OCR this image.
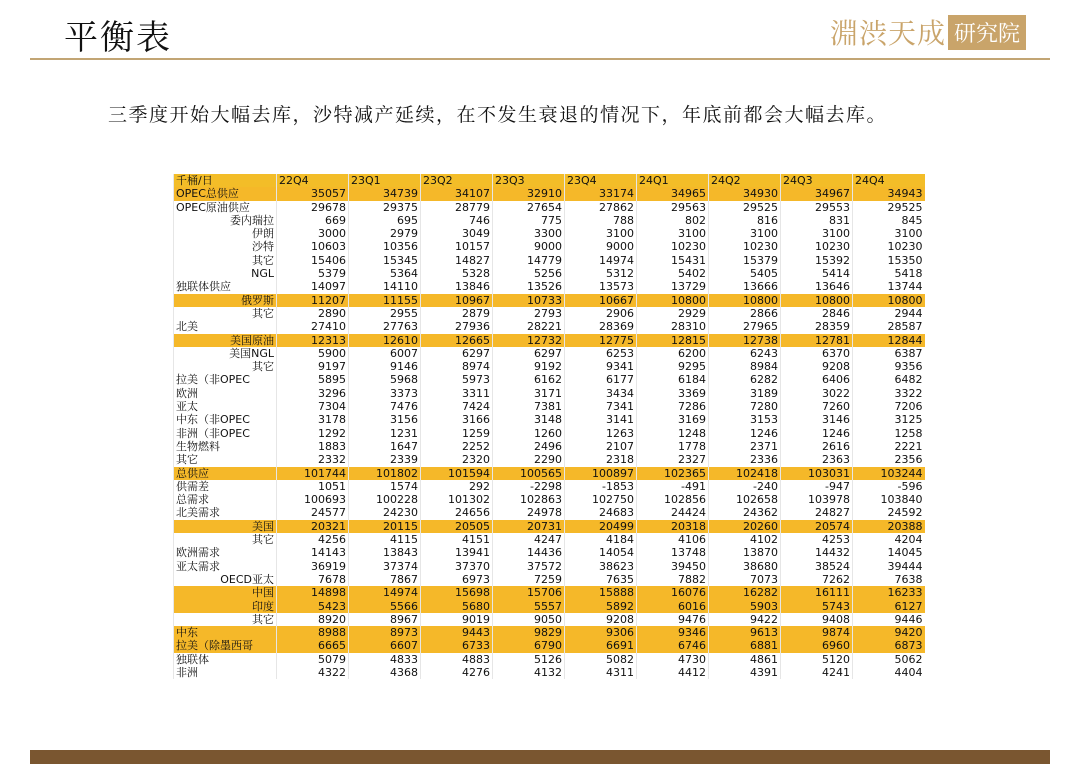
平衡表	淵渋天成 研究院
三季度开始大幅去库，沙特减产延续，在不发生衰退的情况下，年底前都会大幅去库。
千桶/日	22Q4	23Q1	23Q2	23Q3	23Q4	24Q1	24Q2	24Q3	24Q4
OPEC总供应	35057	34739	34107	32910	33174	34965	34930	34967	34943
OPEC原油供应	29678	29375	28779	27654	27862	29563	29525	29553	29525
委内瑞拉	669	695	746	775	788	802	816	831	845
伊朗	3000	2979	3049	3300	3100	3100	3100	3100	3100
沙特	10603	10356	10157	9000	9000	10230	10230	10230	10230
其它	15406	15345	14827	14779	14974	15431	15379	15392	15350
NGL	5379	5364	5328	5256	5312	5402	5405	5414	5418
独联体供应	14097	14110	13846	13526	13573	13729	13666	13646	13744
俄罗斯	11207	11155	10967	10733	10667	10800	10800	10800	10800
其它	2890	2955	2879	2793	2906	2929	2866	2846	2944
北美	27410	27763	27936	28221	28369	28310	27965	28359	28587
美国原油	12313	12610	12665	12732	12775	12815	12738	12781	12844
美国NGL	5900	6007	6297	6297	6253	6200	6243	6370	6387
其它	9197	9146	8974	9192	9341	9295	8984	9208	9356
拉美（非OPEC	5895	5968	5973	6162	6177	6184	6282	6406	6482
欧洲	3296	3373	3311	3171	3434	3369	3189	3022	3322
亚太	7304	7476	7424	7381	7341	7286	7280	7260	7206
中东（非OPEC	3178	3156	3166	3148	3141	3169	3153	3146	3125
非洲（非OPEC	1292	1231	1259	1260	1263	1248	1246	1246	1258
生物燃料	1883	1647	2252	2496	2107	1778	2371	2616	2221
其它	2332	2339	2320	2290	2318	2327	2336	2363	2356
总供应	101744	101802	101594	100565	100897	102365	102418	103031	103244
供需差	1051	1574	292	-2298	-1853	-491	-240	-947	-596
总需求	100693	100228	101302	102863	102750	102856	102658	103978	103840
北美需求	24577	24230	24656	24978	24683	24424	24362	24827	24592
美国	20321	20115	20505	20731	20499	20318	20260	20574	20388
其它	4256	4115	4151	4247	4184	4106	4102	4253	4204
欧洲需求	14143	13843	13941	14436	14054	13748	13870	14432	14045
亚太需求	36919	37374	37370	37572	38623	39450	38680	38524	39444
OECD亚太	7678	7867	6973	7259	7635	7882	7073	7262	7638
中国	14898	14974	15698	15706	15888	16076	16282	16111	16233
印度	5423	5566	5680	5557	5892	6016	5903	5743	6127
其它	8920	8967	9019	9050	9208	9476	9422	9408	9446
中东	8988	8973	9443	9829	9306	9346	9613	9874	9420
拉美（除墨西哥	6665	6607	6733	6790	6691	6746	6881	6960	6873
独联体	5079	4833	4883	5126	5082	4730	4861	5120	5062
非洲	4322	4368	4276	4132	4311	4412	4391	4241	4404
